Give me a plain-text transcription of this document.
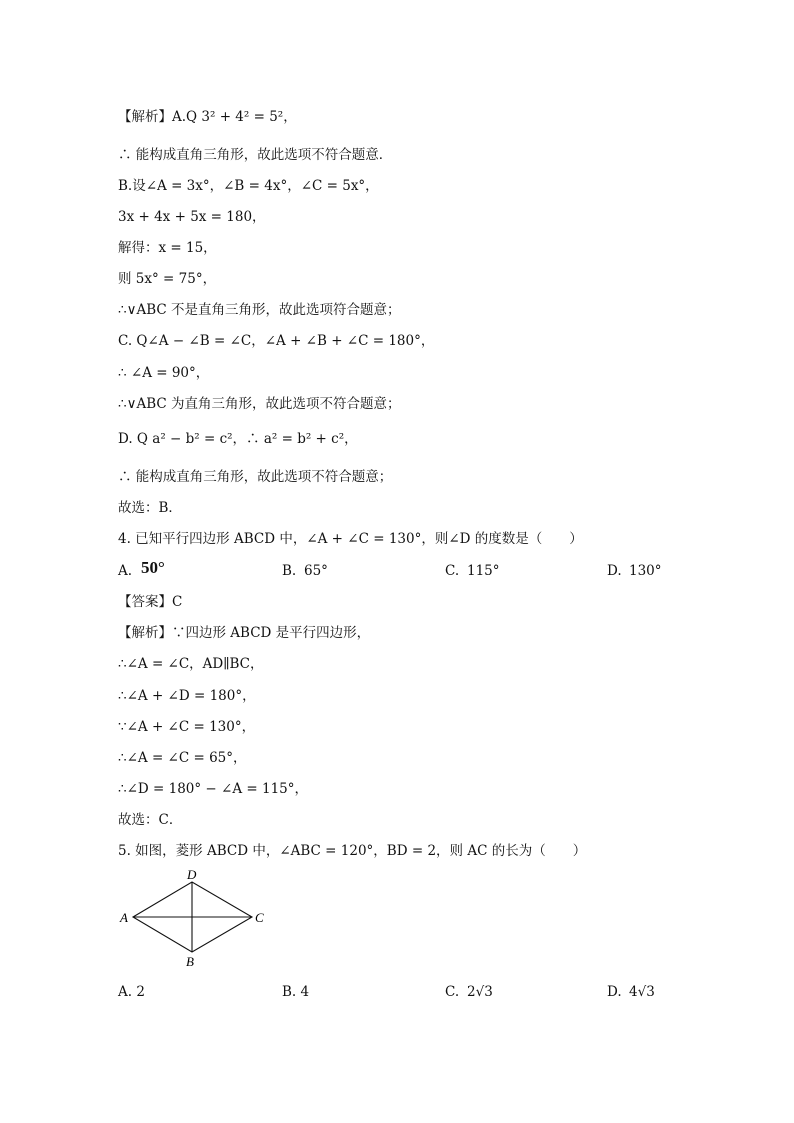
【解析】A.Q 3² + 4² = 5²，
∴ 能构成直角三角形，故此选项不符合题意．
B.设∠A = 3x°，∠B = 4x°，∠C = 5x°，
3x + 4x + 5x = 180，
解得：x = 15，
则 5x° = 75°，
∴∨ABC 不是直角三角形，故此选项符合题意；
C. Q∠A − ∠B = ∠C，∠A + ∠B + ∠C = 180°，
∴ ∠A = 90°，
∴∨ABC 为直角三角形，故此选项不符合题意；
D. Q a² − b² = c²，∴ a² = b² + c²，
∴ 能构成直角三角形，故此选项不符合题意；
故选：B．
4. 已知平行四边形 ABCD 中，∠A + ∠C = 130°，则∠D 的度数是（　　）
A. 50°	B. 65°	C. 115°	D. 130°
【答案】C
【解析】∵四边形 ABCD 是平行四边形，
∴∠A = ∠C，AD∥BC，
∴∠A + ∠D = 180°，
∵∠A + ∠C = 130°，
∴∠A = ∠C = 65°，
∴∠D = 180° − ∠A = 115°，
故选：C．
5. 如图，菱形 ABCD 中，∠ABC = 120°，BD = 2，则 AC 的长为（　　）
A
B
C
D
A. 2	B. 4	C. 2√3	D. 4√3
